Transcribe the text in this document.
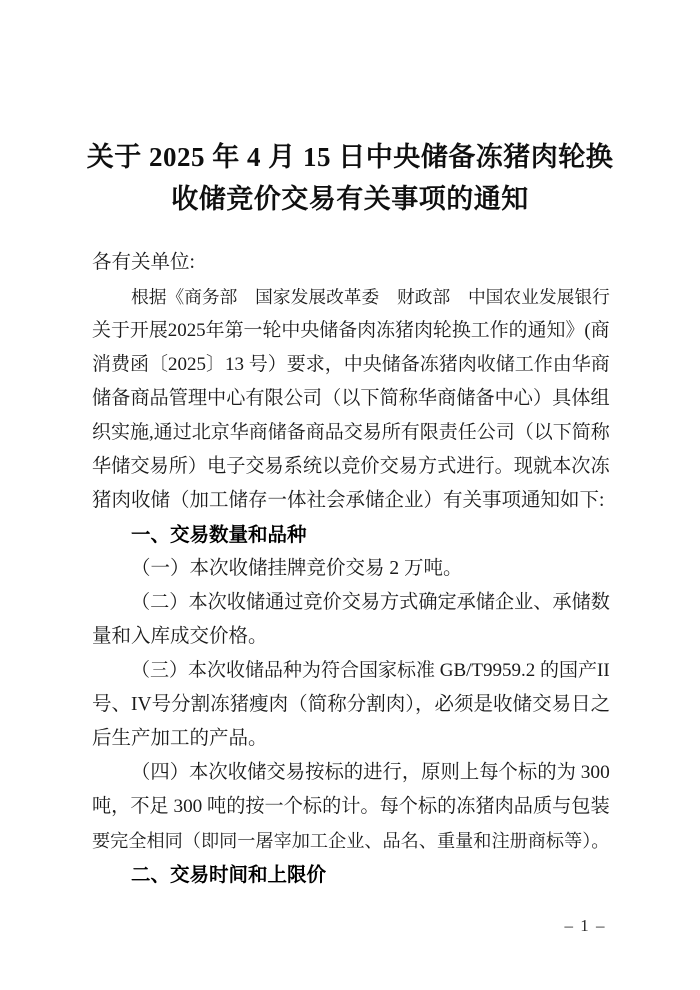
关于 2025 年 4 月 15 日中央储备冻猪肉轮换
收储竞价交易有关事项的通知
各有关单位:
根据《商务部　国家发展改革委　财政部　中国农业发展银行
关于开展2025年第一轮中央储备肉冻猪肉轮换工作的通知》(商
消费函〔2025〕13 号）要求，中央储备冻猪肉收储工作由华商
储备商品管理中心有限公司（以下简称华商储备中心）具体组
织实施,通过北京华商储备商品交易所有限责任公司（以下简称
华储交易所）电子交易系统以竞价交易方式进行。现就本次冻
猪肉收储（加工储存一体社会承储企业）有关事项通知如下:
一、交易数量和品种
（一）本次收储挂牌竞价交易 2 万吨。
（二）本次收储通过竞价交易方式确定承储企业、承储数
量和入库成交价格。
（三）本次收储品种为符合国家标准 GB/T9959.2 的国产II
号、IV号分割冻猪瘦肉（简称分割肉），必须是收储交易日之
后生产加工的产品。
（四）本次收储交易按标的进行，原则上每个标的为 300
吨，不足 300 吨的按一个标的计。每个标的冻猪肉品质与包装
要完全相同（即同一屠宰加工企业、品名、重量和注册商标等）。
二、交易时间和上限价
– 1 –
